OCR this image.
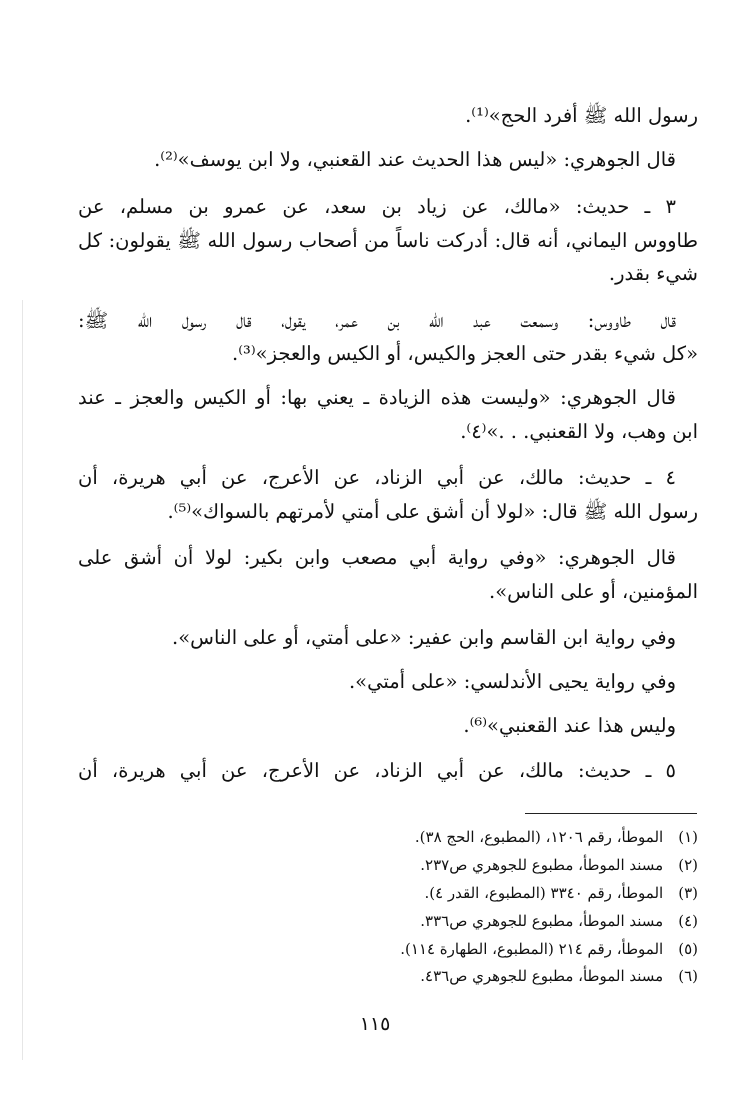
رسول الله ﷺ أفرد الحج»⁽¹⁾.
قال الجوهري: «ليس هذا الحديث عند القعنبي، ولا ابن يوسف»⁽²⁾.
٣ ـ حديث: «مالك، عن زياد بن سعد، عن عمرو بن مسلم، عن
طاووس اليماني، أنه قال: أدركت ناساً من أصحاب رسول الله ﷺ يقولون: كل
شيء بقدر.
قال طاووس: وسمعت عبد الله بن عمر، يقول، قال رسول الله ﷺ:
«كل شيء بقدر حتى العجز والكيس، أو الكيس والعجز»⁽³⁾.
قال الجوهري: «وليست هذه الزيادة ـ يعني بها: أو الكيس والعجز ـ عند
ابن وهب، ولا القعنبي. . .»⁽٤⁾.
٤ ـ حديث: مالك، عن أبي الزناد، عن الأعرج، عن أبي هريرة، أن
رسول الله ﷺ قال: «لولا أن أشق على أمتي لأمرتهم بالسواك»⁽⁵⁾.
قال الجوهري: «وفي رواية أبي مصعب وابن بكير: لولا أن أشق على
المؤمنين، أو على الناس».
وفي رواية ابن القاسم وابن عفير: «على أمتي، أو على الناس».
وفي رواية يحيى الأندلسي: «على أمتي».
وليس هذا عند القعنبي»⁽⁶⁾.
٥ ـ حديث: مالك، عن أبي الزناد، عن الأعرج، عن أبي هريرة، أن
(١) الموطأ، رقم ١٢٠٦، (المطبوع، الحج ٣٨).
(٢) مسند الموطأ، مطبوع للجوهري ص٢٣٧.
(٣) الموطأ، رقم ٣٣٤٠ (المطبوع، القدر ٤).
(٤) مسند الموطأ، مطبوع للجوهري ص٣٣٦.
(٥) الموطأ، رقم ٢١٤ (المطبوع، الطهارة ١١٤).
(٦) مسند الموطأ، مطبوع للجوهري ص٤٣٦.
١١٥
